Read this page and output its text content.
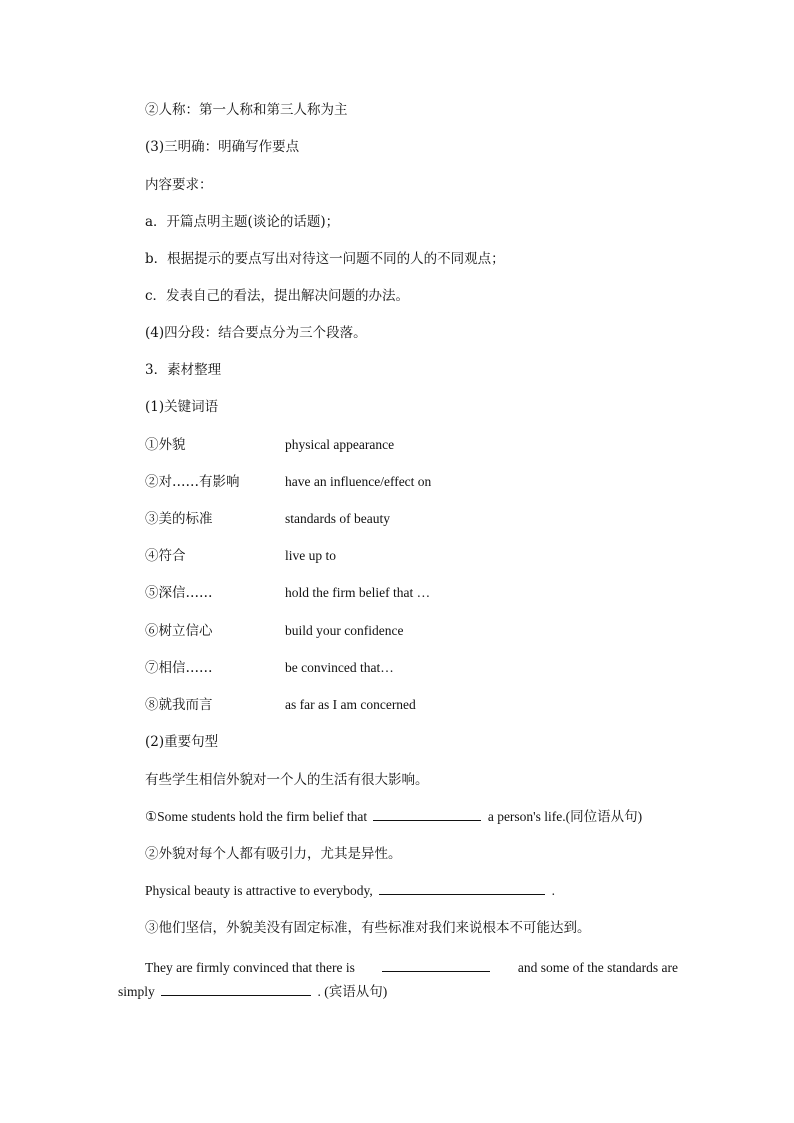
②人称：第一人称和第三人称为主
(3)三明确：明确写作要点
内容要求：
a．开篇点明主题(谈论的话题)；
b．根据提示的要点写出对待这一问题不同的人的不同观点；
c．发表自己的看法，提出解决问题的办法。
(4)四分段：结合要点分为三个段落。
3．素材整理
(1)关键词语
①外貌	physical appearance
②对……有影响	have an influence/effect on
③美的标准	standards of beauty
④符合	live up to
⑤深信……	hold the firm belief that …
⑥树立信心	build your confidence
⑦相信……	be convinced that…
⑧就我而言	as far as I am concerned
(2)重要句型
有些学生相信外貌对一个人的生活有很大影响。
①Some students hold the firm belief that	a person's life.(同位语从句)
②外貌对每个人都有吸引力，尤其是异性。
Physical beauty is attractive to everybody,	.
③他们坚信，外貌美没有固定标准，有些标准对我们来说根本不可能达到。
They are firmly convinced that there is	and some of the standards are
simply	. (宾语从句)
